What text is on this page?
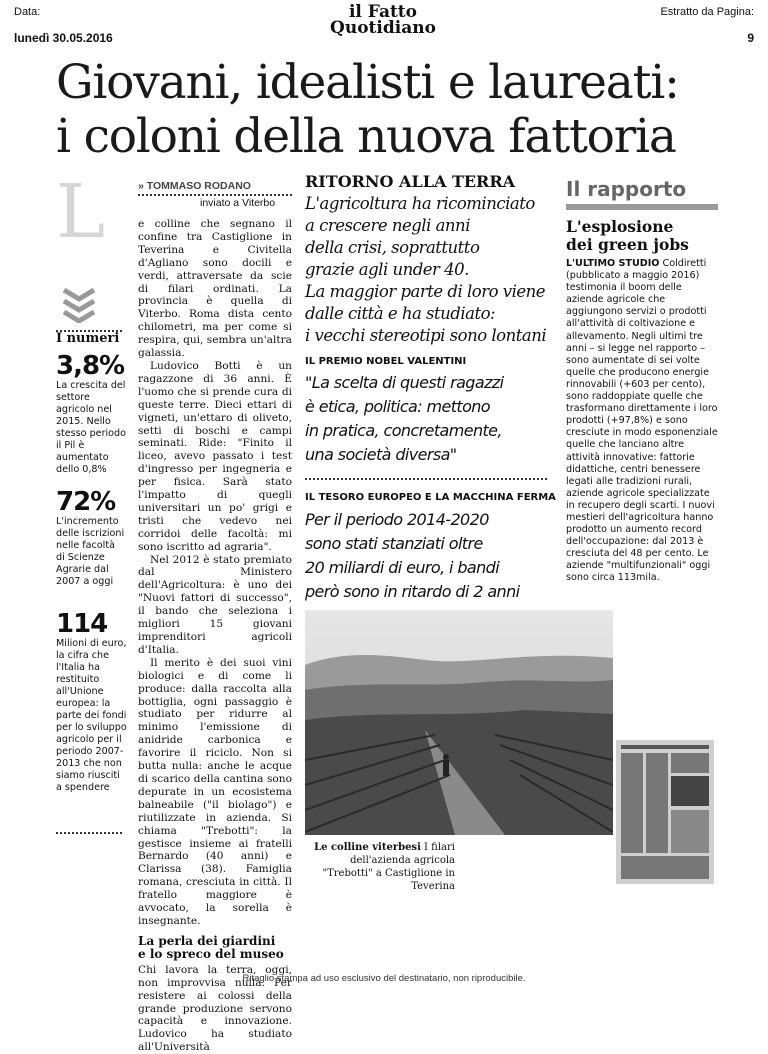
Data:
lunedì 30.05.2016
il Fatto
Quotidiano
Estratto da Pagina:
9
Giovani, idealisti e laureati:
i coloni della nuova fattoria
L
I numeri
3,8%
La crescita del settore agricolo nel 2015. Nello stesso periodo il Pil è aumentato dello 0,8%
72%
L'incremento delle iscrizioni nelle facoltà di Scienze Agrarie dal 2007 a oggi
114
Milioni di euro, la cifra che l'Italia ha restituito all'Unione europea: la parte dei fondi per lo sviluppo agricolo per il periodo 2007-2013 che non siamo riusciti a spendere
» TOMMASO RODANO
inviato a Viterbo

e colline che segnano il confine tra Castiglione in Teverina e Civitella d'Agliano sono docili e verdi, attraversate da scie di filari ordinati. La provincia è quella di Viterbo. Roma dista cento chilometri, ma per come si respira, qui, sembra un'altra galassia.

Ludovico Botti è un ragazzone di 36 anni. È l'uomo che si prende cura di queste terre. Dieci ettari di vigneti, un'ettaro di oliveto, setti di boschi e campi seminati. Ride: "Finito il liceo, avevo passato i test d'ingresso per ingegneria e per fisica. Sarà stato l'impatto di quegli universitari un po' grigi e tristi che vedevo nei corridoi delle facoltà: mi sono iscritto ad agraria".

Nel 2012 è stato premiato dal Ministero dell'Agricoltura: è uno dei "Nuovi fattori di successo", il bando che seleziona i migliori 15 giovani imprenditori agricoli d'Italia.

Il merito è dei suoi vini biologici e di come li produce: dalla raccolta alla bottiglia, ogni passaggio è studiato per ridurre al minimo l'emissione di anidride carbonica e favorire il riciclo. Non si butta nulla: anche le acque di scarico della cantina sono depurate in un ecosistema balneabile ("il biolago") e riutilizzate in azienda. Si chiama "Trebotti": la gestisce insieme ai fratelli Bernardo (40 anni) e Clarissa (38). Famiglia romana, cresciuta in città. Il fratello maggiore è avvocato, la sorella è insegnante.

La perla dei giardini
e lo spreco del museo

Chi lavora la terra, oggi, non improvvisa nulla. Per resistere ai colossi della grande produzione servono capacità e innovazione. Ludovico ha studiato all'Università

RITORNO ALLA TERRA
L'agricoltura ha ricominciato
a crescere negli anni
della crisi, soprattutto
grazie agli under 40.
La maggior parte di loro viene
dalle città e ha studiato:
i vecchi stereotipi sono lontani
IL PREMIO NOBEL VALENTINI
"La scelta di questi ragazzi
è etica, politica: mettono
in pratica, concretamente,
una società diversa"
IL TESORO EUROPEO E LA MACCHINA FERMA
Per il periodo 2014-2020
sono stati stanziati oltre
20 miliardi di euro, i bandi
però sono in ritardo di 2 anni
Le colline viterbesi I filari dell'azienda agricola "Trebotti" a Castiglione in Teverina
Il rapporto
L'esplosione
dei green jobs
L'ULTIMO STUDIO Coldiretti (pubblicato a maggio 2016) testimonia il boom delle aziende agricole che aggiungono servizi o prodotti all'attività di coltivazione e allevamento. Negli ultimi tre anni – si legge nel rapporto – sono aumentate di sei volte quelle che producono energie rinnovabili (+603 per cento), sono raddoppiate quelle che trasformano direttamente i loro prodotti (+97,8%) e sono cresciute in modo esponenziale quelle che lanciano altre attività innovative: fattorie didattiche, centri benessere legati alle tradizioni rurali, aziende agricole specializzate in recupero degli scarti. I nuovi mestieri dell'agricoltura hanno prodotto un aumento record dell'occupazione: dal 2013 è cresciuta del 48 per cento. Le aziende "multifunzionali" oggi sono circa 113mila.
Ritaglio stampa ad uso esclusivo del destinatario, non riproducibile.
